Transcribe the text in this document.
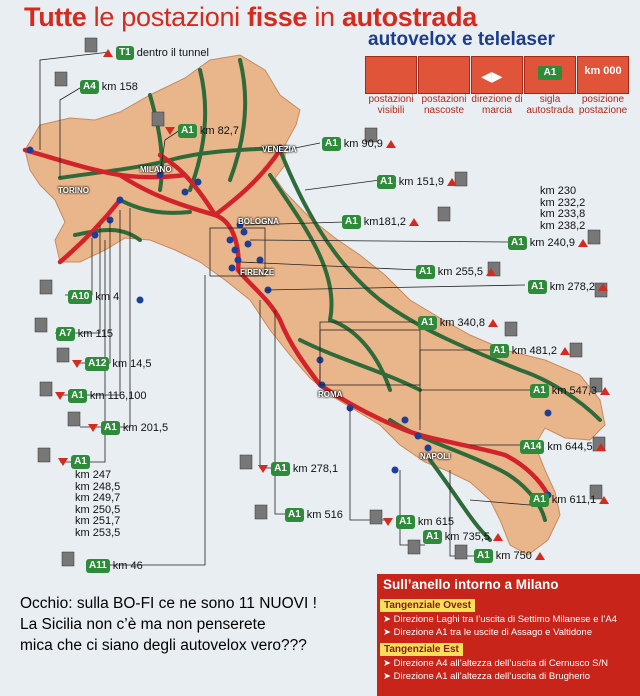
Tutte le postazioni fisse in autostrada
autovelox e telelaser
postazioni visibili
postazioni nascoste
◀▶
direzione di marcia
A1
sigla autostrada
km 000
posizione postazione
TORINO
MILANO
VENEZIA
BOLOGNA
FIRENZE
ROMA
NAPOLI

T1 dentro il tunnel
A4 km 158

A1 km 82,7
A1 km 90,9

A1 km 151,9

A1 km181,2

km 230
km 232,2
km 233,8
km 238,2
A1 km 240,9

A1 km 255,5

A1 km 278,2

A10 km 4
A7 km 115

A12 km 14,5
A1 km 340,8

A1 km 481,2

A1 km 116,100	A1 km 547,3

A1 km 201,5
A14 km 644,5

A1
km 247
km 248,5
km 249,7
km 250,5
km 251,7
km 253,5

A1 km 278,1
A1 km 611,1

A1 km 516

A1 km 615
A11 km 46
A1 km 735,5

A1 km 750

Occhio: sulla BO-FI ce ne sono 11 NUOVI !
La Sicilia non c’è ma non penserete
mica che ci siano degli autovelox vero???
Sull’anello intorno a Milano
Tangenziale Ovest
➤ Direzione Laghi tra l’uscita di Settimo Milanese e l’A4
➤ Direzione A1 tra le uscite di Assago e Valtidone
Tangenziale Est
➤ Direzione A4 all’altezza dell’uscita di Cernusco S/N
➤ Direzione A1 all’altezza dell’uscita di Brugherio
